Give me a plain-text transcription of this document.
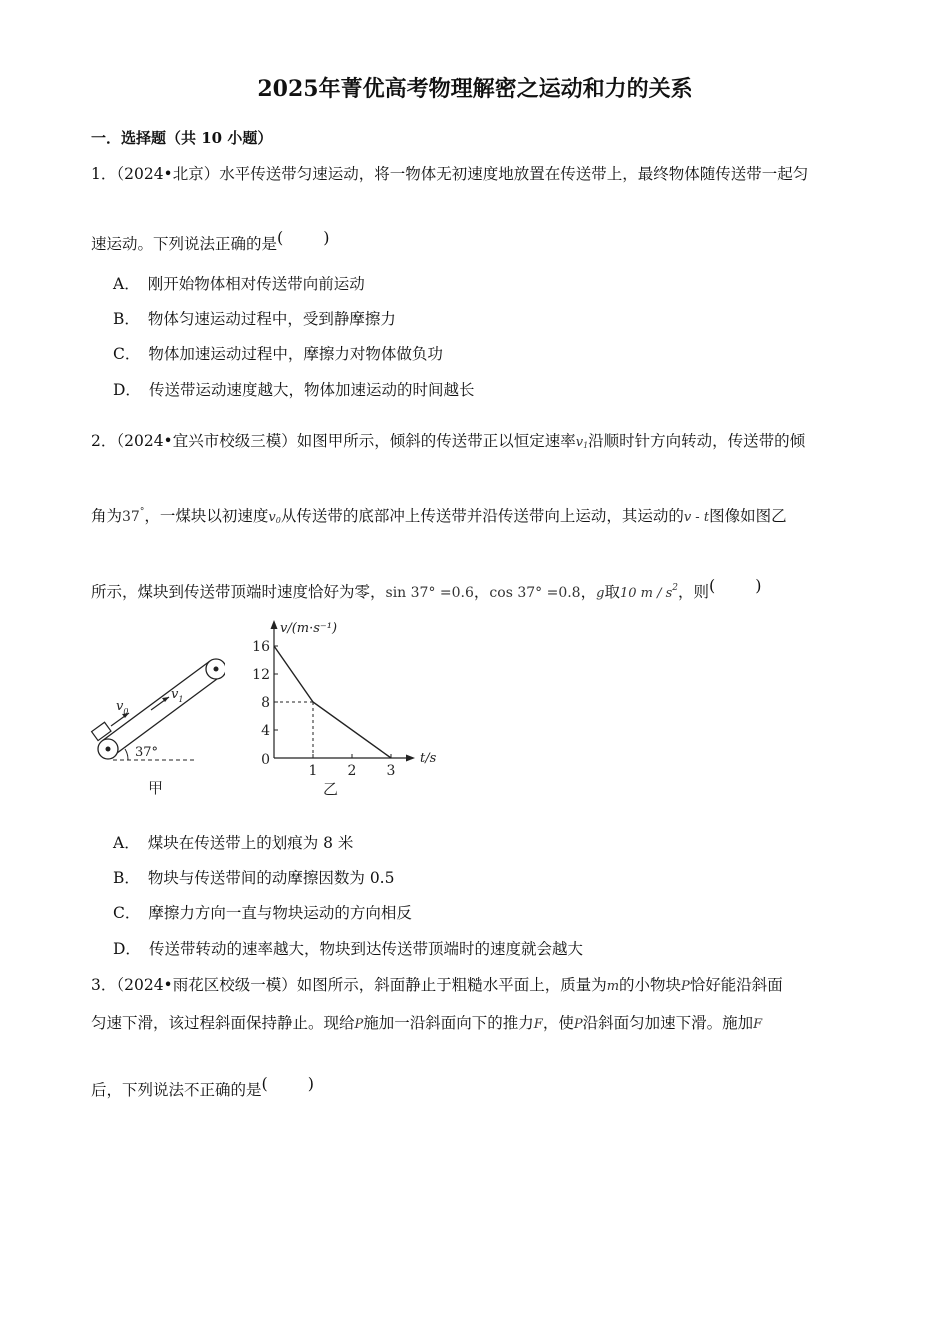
2025年菁优高考物理解密之运动和力的关系
一．选择题（共 10 小题）
1．（2024•北京）水平传送带匀速运动，将一物体无初速度地放置在传送带上，最终物体随传送带一起匀
速运动。下列说法正确的是(	)
A． 刚开始物体相对传送带向前运动
B． 物体匀速运动过程中，受到静摩擦力
C． 物体加速运动过程中，摩擦力对物体做负功
D． 传送带运动速度越大，物体加速运动的时间越长
2．（2024•宜兴市校级三模）如图甲所示，倾斜的传送带正以恒定速率$v_1$沿顺时针方向转动，传送带的倾
角为37°，一煤块以初速度$v_0$从传送带的底部冲上传送带并沿传送带向上运动，其运动的v - t图像如图乙
所示，煤块到传送带顶端时速度恰好为零，sin 37° =0.6，cos 37° =0.8，g取10 m / $s^2$，则(	)
$v_0$
$v_1$
37°
甲
4
8
12
16
0
1 2 3
v/(m·s⁻¹)
t/s
乙
A． 煤块在传送带上的划痕为 8 米
B． 物块与传送带间的动摩擦因数为 0.5
C． 摩擦力方向一直与物块运动的方向相反
D． 传送带转动的速率越大，物块到达传送带顶端时的速度就会越大
3．（2024•雨花区校级一模）如图所示，斜面静止于粗糙水平面上，质量为m的小物块P恰好能沿斜面
匀速下滑，该过程斜面保持静止。现给P施加一沿斜面向下的推力F，使P沿斜面匀加速下滑。施加F
后，下列说法不正确的是(	)
